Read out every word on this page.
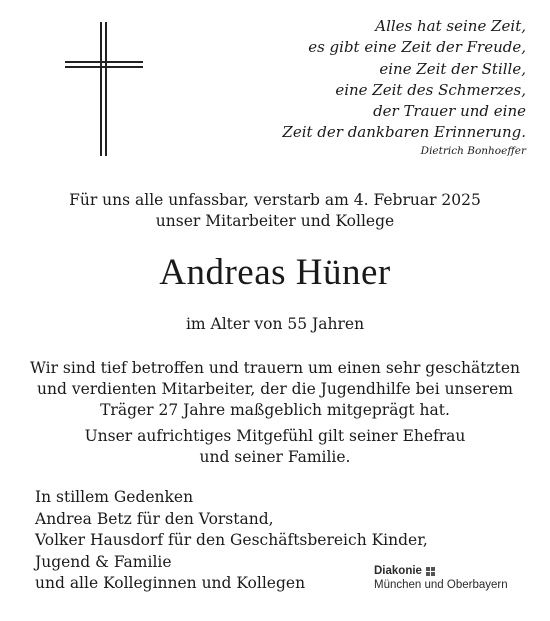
Alles hat seine Zeit,
es gibt eine Zeit der Freude,
eine Zeit der Stille,
eine Zeit des Schmerzes,
der Trauer und eine
Zeit der dankbaren Erinnerung.
Dietrich Bonhoeffer
Für uns alle unfassbar, verstarb am 4. Februar 2025
unser Mitarbeiter und Kollege
Andreas Hüner
im Alter von 55 Jahren
Wir sind tief betroffen und trauern um einen sehr geschätzten
und verdienten Mitarbeiter, der die Jugendhilfe bei unserem
Träger 27 Jahre maßgeblich mitgeprägt hat.
Unser aufrichtiges Mitgefühl gilt seiner Ehefrau
und seiner Familie.
In stillem Gedenken
Andrea Betz für den Vorstand,
Volker Hausdorf für den Geschäftsbereich Kinder,
Jugend & Familie
und alle Kolleginnen und Kollegen
Diakonie
München und Oberbayern
